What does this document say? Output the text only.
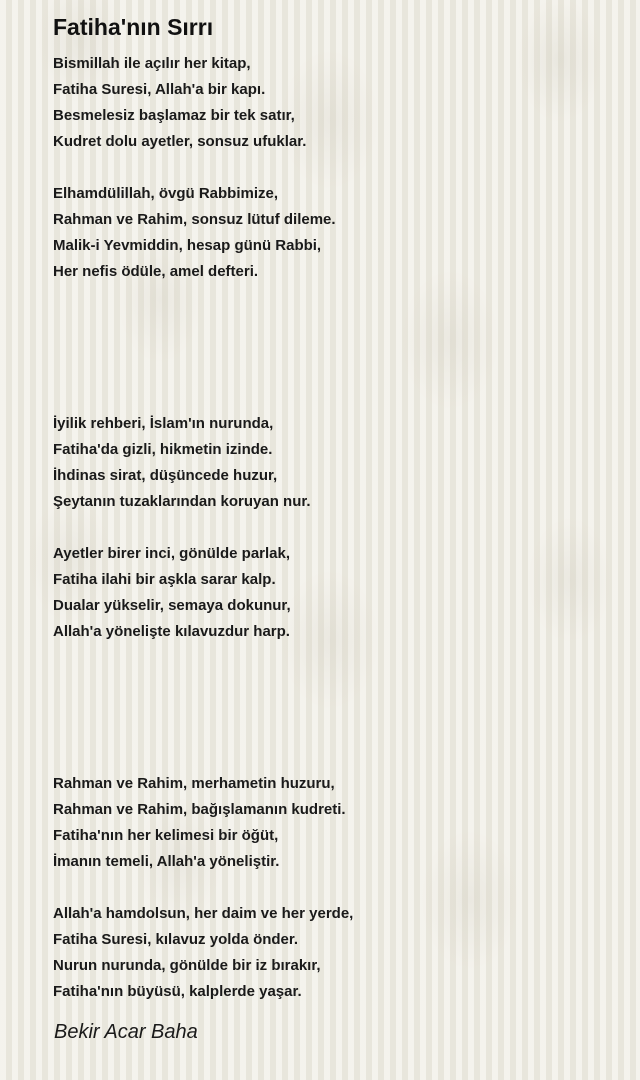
Fatiha'nın Sırrı
Bismillah ile açılır her kitap,
Fatiha Suresi, Allah'a bir kapı.
Besmelesiz başlamaz bir tek satır,
Kudret dolu ayetler, sonsuz ufuklar.
Elhamdülillah, övgü Rabbimize,
Rahman ve Rahim, sonsuz lütuf dileme.
Malik-i Yevmiddin, hesap günü Rabbi,
Her nefis ödüle, amel defteri.
İyilik rehberi, İslam'ın nurunda,
Fatiha'da gizli, hikmetin izinde.
İhdinas sirat, düşüncede huzur,
Şeytanın tuzaklarından koruyan nur.
Ayetler birer inci, gönülde parlak,
Fatiha ilahi bir aşkla sarar kalp.
Dualar yükselir, semaya dokunur,
Allah'a yönelişte kılavuzdur harp.
Rahman ve Rahim, merhametin huzuru,
Rahman ve Rahim, bağışlamanın kudreti.
Fatiha'nın her kelimesi bir öğüt,
İmanın temeli, Allah'a yöneliştir.
Allah'a hamdolsun, her daim ve her yerde,
Fatiha Suresi, kılavuz yolda önder.
Nurun nurunda, gönülde bir iz bırakır,
Fatiha'nın büyüsü, kalplerde yaşar.

Bekir Acar Baha
